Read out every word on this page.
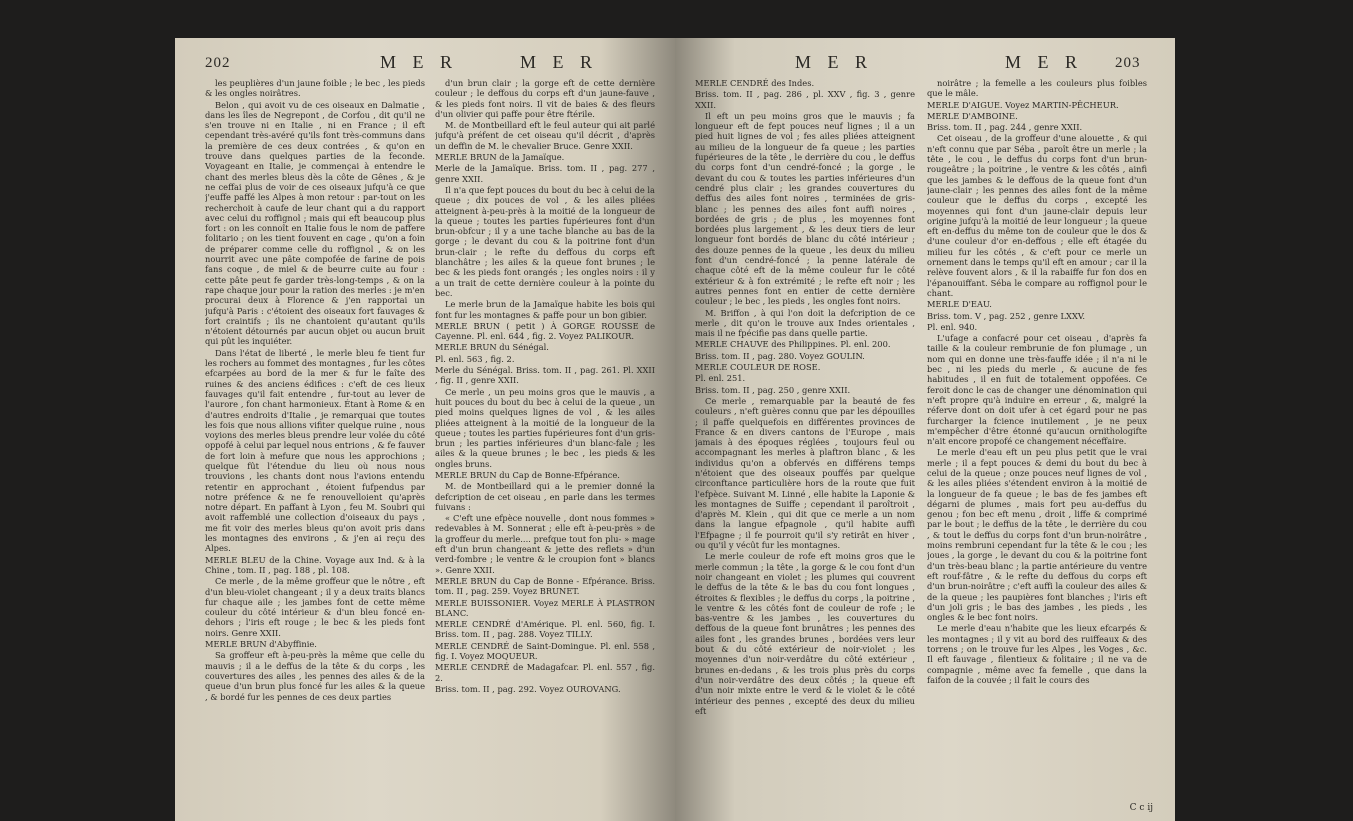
202	M E R	M E R

les peuplières d'un jaune foible ; le bec , les pieds & les ongles noirâtres.

Belon , qui avoit vu de ces oiseaux en Dalmatie , dans les îles de Negrepont , de Corfou , dit qu'il ne s'en trouve ni en Italie , ni en France ; il eft cependant très-avéré qu'ils font très-communs dans la première de ces deux contrées , & qu'on en trouve dans quelques parties de la feconde. Voyageant en Italie, je commençai à entendre le chant des merles bleus dès la côte de Gênes , & je ne ceffai plus de voir de ces oiseaux jufqu'à ce que j'euffe paffé les Alpes à mon retour : par-tout on les recherchoit à caufe de leur chant qui a du rapport avec celui du roffignol ; mais qui eft beaucoup plus fort : on les connoît en Italie fous le nom de paffere folitario ; on les tient fouvent en cage , qu'on a foin de préparer comme celle du roffignol , & on les nourrit avec une pâte compofée de farine de pois fans coque , de miel & de beurre cuite au four : cette pâte peut fe garder très-long-temps , & on la rape chaque jour pour la ration des merles : je m'en procurai deux à Florence & j'en rapportai un jufqu'à Paris : c'étoient des oiseaux fort fauvages & fort craintifs ; ils ne chantoient qu'autant qu'ils n'étoient détournés par aucun objet ou aucun bruit qui pût les inquiéter.

Dans l'état de liberté , le merle bleu fe tient fur les rochers au fommet des montagnes , fur les côtes efcarpées au bord de la mer & fur le faîte des ruines & des anciens édifices : c'eft de ces lieux fauvages qu'il fait entendre , fur-tout au lever de l'aurore , fon chant harmonieux. Étant à Rome & en d'autres endroits d'Italie , je remarquai que toutes les fois que nous allions vifiter quelque ruine , nous voyions des merles bleus prendre leur volée du côté oppofé à celui par lequel nous entrions , & fe fauver de fort loin à mefure que nous les approchions ; quelque fût l'étendue du lieu où nous nous trouvions , les chants dont nous l'avions entendu retentir en approchant , étoient fufpendus par notre préfence & ne fe renouvelloient qu'après notre départ. En paffant à Lyon , feu M. Soubri qui avoit raffemblé une collection d'oiseaux du pays , me fit voir des merles bleus qu'on avoit pris dans les montagnes des environs , & j'en ai reçu des Alpes.

MERLE BLEU de la Chine. Voyage aux Ind. & à la Chine , tom. II , pag. 188 , pl. 108.

Ce merle , de la même groffeur que le nôtre , eft d'un bleu-violet changeant ; il y a deux traits blancs fur chaque aile ; les jambes font de cette même couleur du côté intérieur & d'un bleu foncé en-dehors ; l'iris eft rouge ; le bec & les pieds font noirs. Genre XXII.

MERLE BRUN d'Abyffinie.

Sa groffeur eft à-peu-près la même que celle du mauvis ; il a le deffus de la tête & du corps , les couvertures des ailes , les pennes des ailes & de la queue d'un brun plus foncé fur les ailes & la queue , & bordé fur les pennes de ces deux parties

d'un brun clair ; la gorge eft de cette dernière couleur ; le deffous du corps eft d'un jaune-fauve , & les pieds font noirs. Il vit de baies & des fleurs d'un olivier qui paffe pour être ftérile.

M. de Montbeillard eft le feul auteur qui ait parlé jufqu'à préfent de cet oiseau qu'il décrit , d'après un deffin de M. le chevalier Bruce. Genre XXII.

MERLE BRUN de la Jamaïque.

Merle de la Jamaïque. Briss. tom. II , pag. 277 , genre XXII.

Il n'a que fept pouces du bout du bec à celui de la queue ; dix pouces de vol , & les ailes pliées atteignent à-peu-près à la moitié de la longueur de la queue ; toutes les parties fupérieures font d'un brun-obfcur ; il y a une tache blanche au bas de la gorge ; le devant du cou & la poitrine font d'un brun-clair ; le refte du deffous du corps eft blanchâtre ; les ailes & la queue font brunes ; le bec & les pieds font orangés ; les ongles noirs : il y a un trait de cette dernière couleur à la pointe du bec.

Le merle brun de la Jamaïque habite les bois qui font fur les montagnes & paffe pour un bon gibier.

MERLE BRUN ( petit ) À GORGE ROUSSE de Cayenne. Pl. enl. 644 , fig. 2. Voyez PALIKOUR.

MERLE BRUN du Sénégal.

Pl. enl. 563 , fig. 2.

Merle du Sénégal. Briss. tom. II , pag. 261. Pl. XXII , fig. II , genre XXII.

Ce merle , un peu moins gros que le mauvis , a huit pouces du bout du bec à celui de la queue , un pied moins quelques lignes de vol , & les ailes pliées atteignent à la moitié de la longueur de la queue ; toutes les parties fupérieures font d'un gris-brun ; les parties inférieures d'un blanc-fale ; les ailes & la queue brunes ; le bec , les pieds & les ongles bruns.

MERLE BRUN du Cap de Bonne-Efpérance.

M. de Montbeillard qui a le premier donné la defcription de cet oiseau , en parle dans les termes fuivans :

« C'eft une efpèce nouvelle , dont nous fommes » redevables à M. Sonnerat ; elle eft à-peu-près » de la groffeur du merle.... prefque tout fon plu- » mage eft d'un brun changeant & jette des reflets » d'un verd-fombre ; le ventre & le croupion font » blancs ». Genre XXII.

MERLE BRUN du Cap de Bonne - Efpérance. Briss. tom. II , pag. 259. Voyez BRUNET.

MERLE BUISSONIER. Voyez MERLE À PLASTRON BLANC.

MERLE CENDRÉ d'Amérique. Pl. enl. 560, fig. I. Briss. tom. II , pag. 288. Voyez TILLY.

MERLE CENDRÉ de Saint-Domingue. Pl. enl. 558 , fig. I. Voyez MOQUEUR.

MERLE CENDRÉ de Madagafcar. Pl. enl. 557 , fig. 2.

Briss. tom. II , pag. 292. Voyez OUROVANG.

M E R	M E R 203

MERLE CENDRÉ des Indes.

Briss. tom. II , pag. 286 , pl. XXV , fig. 3 , genre XXII.

Il eft un peu moins gros que le mauvis ; fa longueur eft de fept pouces neuf lignes ; il a un pied huit lignes de vol ; fes ailes pliées atteignent au milieu de la longueur de fa queue ; les parties fupérieures de la tête , le derrière du cou , le deffus du corps font d'un cendré-foncé ; la gorge , le devant du cou & toutes les parties inférieures d'un cendré plus clair ; les grandes couvertures du deffus des ailes font noires , terminées de gris-blanc ; les pennes des ailes font auffi noires , bordées de gris ; de plus , les moyennes font bordées plus largement , & les deux tiers de leur longueur font bordés de blanc du côté intérieur ; des douze pennes de la queue , les deux du milieu font d'un cendré-foncé ; la penne latérale de chaque côté eft de la même couleur fur le côté extérieur & à fon extrémité ; le refte eft noir ; les autres pennes font en entier de cette dernière couleur ; le bec , les pieds , les ongles font noirs.

M. Briffon , à qui l'on doit la defcription de ce merle , dit qu'on le trouve aux Indes orientales , mais il ne fpécifie pas dans quelle partie.

MERLE CHAUVE des Philippines. Pl. enl. 200.

Briss. tom. II , pag. 280. Voyez GOULIN.

MERLE COULEUR DE ROSE.

Pl. enl. 251.

Briss. tom. II , pag. 250 , genre XXII.

Ce merle , remarquable par la beauté de fes couleurs , n'eft guères connu que par les dépouilles ; il paffe quelquefois en différentes provinces de France & en divers cantons de l'Europe , mais jamais à des époques réglées , toujours feul ou accompagnant les merles à plaftron blanc , & les individus qu'on a obfervés en différens temps n'étoient que des oiseaux pouffés par quelque circonftance particulière hors de la route que fuit l'efpèce. Suivant M. Linné , elle habite la Laponie & les montagnes de Suiffe ; cependant il paroîtroit , d'après M. Klein , qui dit que ce merle a un nom dans la langue efpagnole , qu'il habite auffi l'Efpagne ; il fe pourroit qu'il s'y retirât en hiver , ou qu'il y vécût fur les montagnes.

Le merle couleur de rofe eft moins gros que le merle commun ; la tête , la gorge & le cou font d'un noir changeant en violet ; les plumes qui couvrent le deffus de la tête & le bas du cou font longues , étroites & flexibles ; le deffus du corps , la poitrine , le ventre & les côtés font de couleur de rofe ; le bas-ventre & les jambes , les couvertures du deffous de la queue font brunâtres ; les pennes des ailes font , les grandes brunes , bordées vers leur bout & du côté extérieur de noir-violet ; les moyennes d'un noir-verdâtre du côté extérieur , brunes en-dedans , & les trois plus près du corps d'un noir-verdâtre des deux côtés ; la queue eft d'un noir mixte entre le verd & le violet & le côté intérieur des pennes , excepté des deux du milieu eft

noirâtre ; la femelle a les couleurs plus foibles que le mâle.

MERLE D'AIGUE. Voyez MARTIN-PÊCHEUR.

MERLE D'AMBOINE.

Briss. tom. II , pag. 244 , genre XXII.

Cet oiseau , de la groffeur d'une alouette , & qui n'eft connu que par Séba , paroît être un merle ; la tête , le cou , le deffus du corps font d'un brun-rougeâtre ; la poitrine , le ventre & les côtés , ainfi que les jambes & le deffous de la queue font d'un jaune-clair ; les pennes des ailes font de la même couleur que le deffus du corps , excepté les moyennes qui font d'un jaune-clair depuis leur origine jufqu'à la moitié de leur longueur ; la queue eft en-deffus du même ton de couleur que le dos & d'une couleur d'or en-deffous ; elle eft étagée du milieu fur les côtés , & c'eft pour ce merle un ornement dans le temps qu'il eft en amour ; car il la relève fouvent alors , & il la rabaiffe fur fon dos en l'épanouiffant. Séba le compare au roffignol pour le chant.

MERLE D'EAU.

Briss. tom. V , pag. 252 , genre LXXV.

Pl. enl. 940.

L'ufage a confacré pour cet oiseau , d'après fa taille & la couleur rembrunie de fon plumage , un nom qui en donne une très-fauffe idée ; il n'a ni le bec , ni les pieds du merle , & aucune de fes habitudes , il en fuit de totalement oppofées. Ce feroit donc le cas de changer une dénomination qui n'eft propre qu'à induire en erreur , &, malgré la réferve dont on doit ufer à cet égard pour ne pas furcharger la fcience inutilement , je ne peux m'empêcher d'être étonné qu'aucun ornithologifte n'ait encore propofé ce changement néceffaire.

Le merle d'eau eft un peu plus petit que le vrai merle ; il a fept pouces & demi du bout du bec à celui de la queue ; onze pouces neuf lignes de vol , & les ailes pliées s'étendent environ à la moitié de la longueur de fa queue ; le bas de fes jambes eft dégarni de plumes , mais fort peu au-deffus du genou ; fon bec eft menu , droit , liffe & comprimé par le bout ; le deffus de la tête , le derrière du cou , & tout le deffus du corps font d'un brun-noirâtre , moins rembruni cependant fur la tête & le cou ; les joues , la gorge , le devant du cou & la poitrine font d'un très-beau blanc ; la partie antérieure du ventre eft rouf-fâtre , & le refte du deffous du corps eft d'un brun-noirâtre ; c'eft auffi la couleur des ailes & de la queue ; les paupières font blanches ; l'iris eft d'un joli gris ; le bas des jambes , les pieds , les ongles & le bec font noirs.

Le merle d'eau n'habite que les lieux efcarpés & les montagnes ; il y vit au bord des ruiffeaux & des torrens ; on le trouve fur les Alpes , les Voges , &c. Il eft fauvage , filentieux & folitaire ; il ne va de compagnie , même avec fa femelle , que dans la faifon de la couvée ; il fait le cours des

C c ij
